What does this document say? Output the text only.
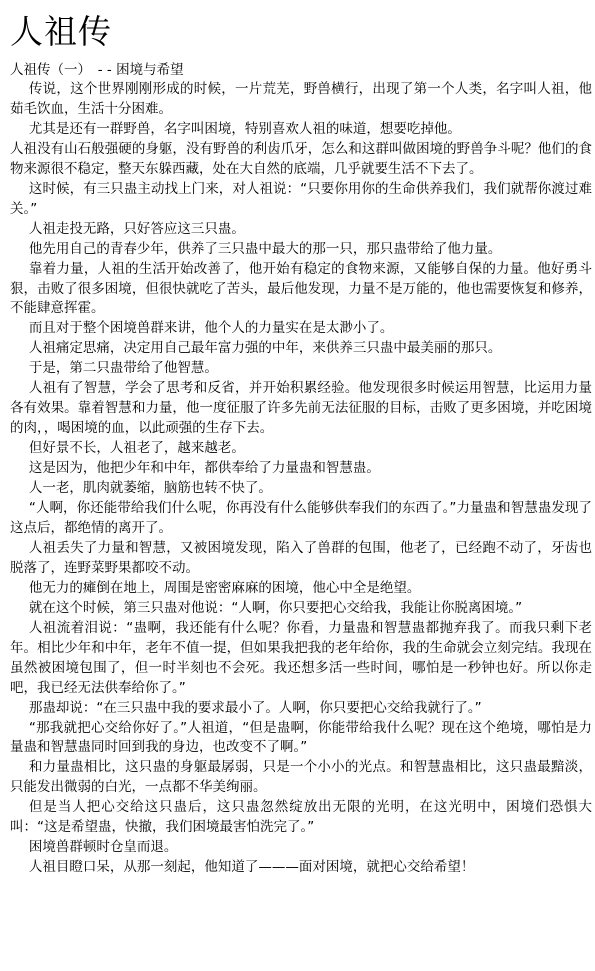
人祖传

人祖传（一）　- - 困境与希望

传说，这个世界刚刚形成的时候，一片荒芜，野兽横行，出现了第一个人类，名字叫人祖，他茹毛饮血，生活十分困难。

尤其是还有一群野兽，名字叫困境，特别喜欢人祖的味道，想要吃掉他。

人祖没有山石般强硬的身躯，没有野兽的利齿爪牙，怎么和这群叫做困境的野兽争斗呢？他们的食物来源很不稳定，整天东躲西藏，处在大自然的底端，几乎就要生活不下去了。

这时候，有三只蛊主动找上门来，对人祖说：“只要你用你的生命供养我们，我们就帮你渡过难关。”

人祖走投无路，只好答应这三只蛊。

他先用自己的青春少年，供养了三只蛊中最大的那一只，那只蛊带给了他力量。

靠着力量，人祖的生活开始改善了，他开始有稳定的食物来源，又能够自保的力量。他好勇斗狠，击败了很多困境，但很快就吃了苦头，最后他发现，力量不是万能的，他也需要恢复和修养，不能肆意挥霍。

而且对于整个困境兽群来讲，他个人的力量实在是太渺小了。

人祖痛定思痛，决定用自己最年富力强的中年，来供养三只蛊中最美丽的那只。

于是，第二只蛊带给了他智慧。

人祖有了智慧，学会了思考和反省，并开始积累经验。他发现很多时候运用智慧，比运用力量各有效果。靠着智慧和力量，他一度征服了许多先前无法征服的目标，击败了更多困境，并吃困境的肉，，喝困境的血，以此顽强的生存下去。

但好景不长，人祖老了，越来越老。

这是因为，他把少年和中年，都供奉给了力量蛊和智慧蛊。

人一老，肌肉就萎缩，脑筋也转不快了。

“人啊，你还能带给我们什么呢，你再没有什么能够供奉我们的东西了。”力量蛊和智慧蛊发现了这点后，都绝情的离开了。

人祖丢失了力量和智慧，又被困境发现，陷入了兽群的包围，他老了，已经跑不动了，牙齿也脱落了，连野菜野果都咬不动。

他无力的瘫倒在地上，周围是密密麻麻的困境，他心中全是绝望。

就在这个时候，第三只蛊对他说：“人啊，你只要把心交给我，我能让你脱离困境。”

人祖流着泪说：“蛊啊，我还能有什么呢？你看，力量蛊和智慧蛊都抛弃我了。而我只剩下老年。相比少年和中年，老年不值一提，但如果我把我的老年给你，我的生命就会立刻完结。我现在虽然被困境包围了，但一时半刻也不会死。我还想多活一些时间，哪怕是一秒钟也好。所以你走吧，我已经无法供奉给你了。”

那蛊却说：“在三只蛊中我的要求最小了。人啊，你只要把心交给我就行了。”

“那我就把心交给你好了。”人祖道，“但是蛊啊，你能带给我什么呢？现在这个绝境，哪怕是力量蛊和智慧蛊同时回到我的身边，也改变不了啊。”

和力量蛊相比，这只蛊的身躯最孱弱，只是一个小小的光点。和智慧蛊相比，这只蛊最黯淡，只能发出微弱的白光，一点都不华美绚丽。

但是当人把心交给这只蛊后，这只蛊忽然绽放出无限的光明，在这光明中，困境们恐惧大叫：“这是希望蛊，快撤，我们困境最害怕洗完了。”

困境兽群顿时仓皇而退。

人祖目瞪口呆，从那一刻起，他知道了———面对困境，就把心交给希望！
